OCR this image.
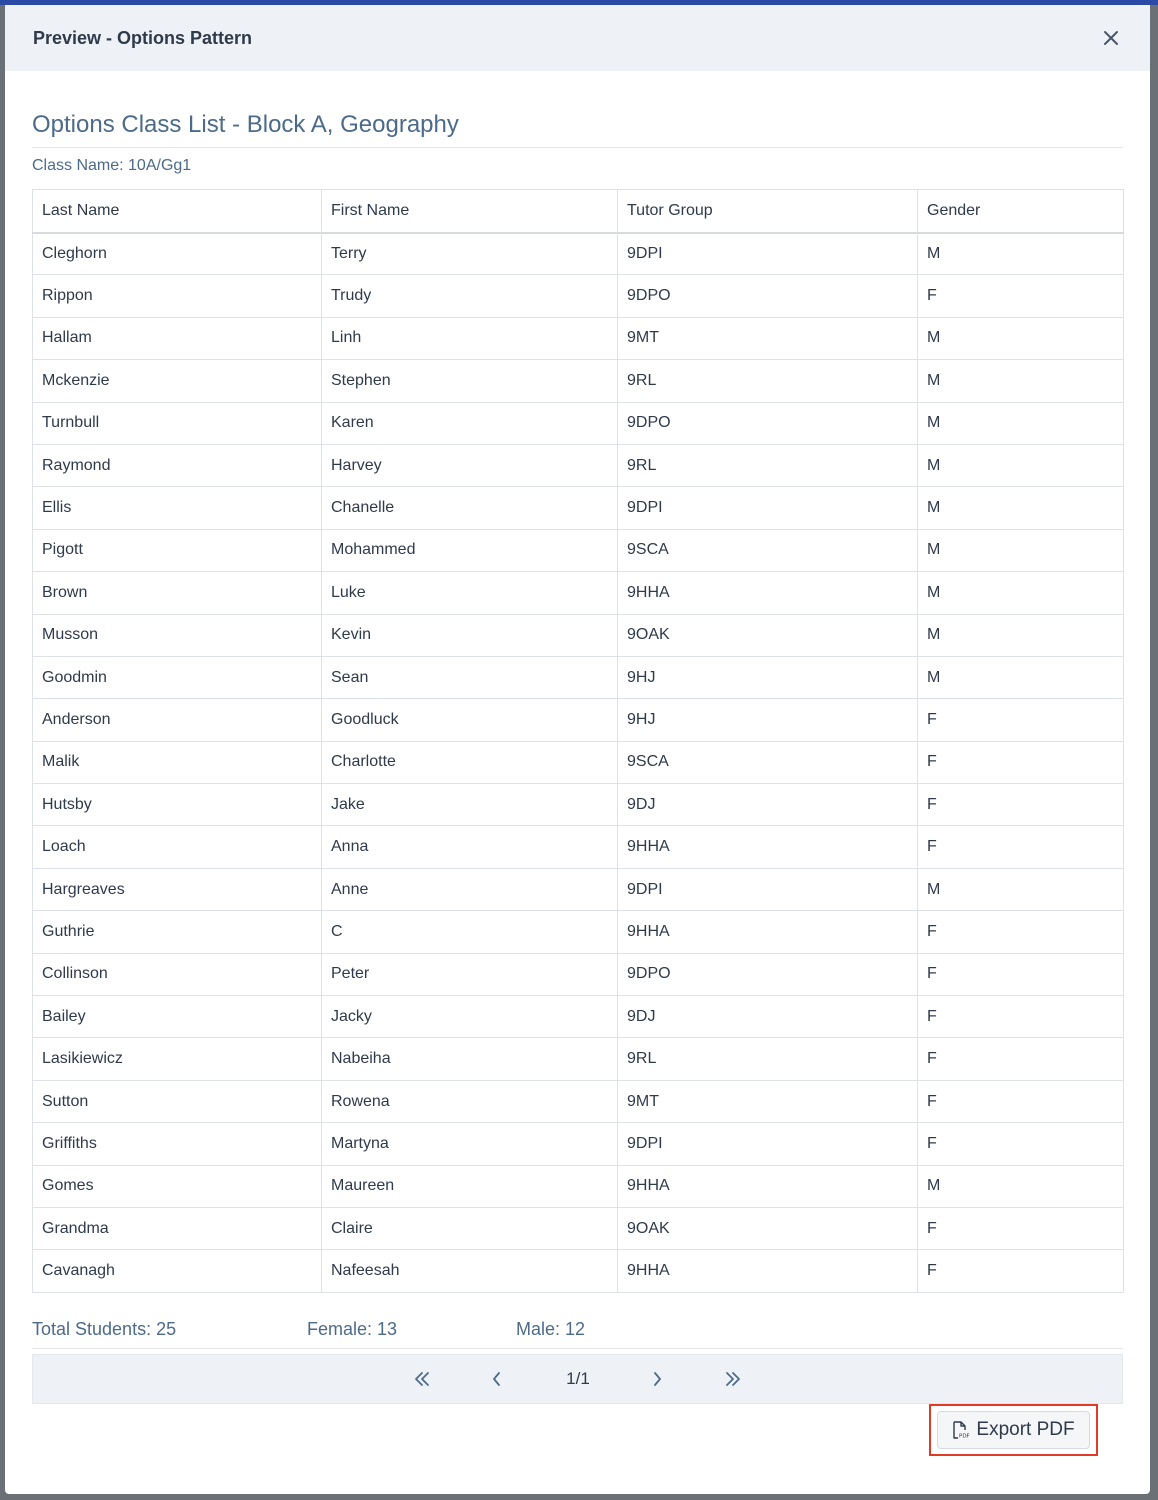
Preview - Options Pattern
Options Class List - Block A, Geography
Class Name: 10A/Gg1
Last Name	First Name	Tutor Group	Gender
Cleghorn	Terry	9DPI	M
Rippon	Trudy	9DPO	F
Hallam	Linh	9MT	M
Mckenzie	Stephen	9RL	M
Turnbull	Karen	9DPO	M
Raymond	Harvey	9RL	M
Ellis	Chanelle	9DPI	M
Pigott	Mohammed	9SCA	M
Brown	Luke	9HHA	M
Musson	Kevin	9OAK	M
Goodmin	Sean	9HJ	M
Anderson	Goodluck	9HJ	F
Malik	Charlotte	9SCA	F
Hutsby	Jake	9DJ	F
Loach	Anna	9HHA	F
Hargreaves	Anne	9DPI	M
Guthrie	C	9HHA	F
Collinson	Peter	9DPO	F
Bailey	Jacky	9DJ	F
Lasikiewicz	Nabeiha	9RL	F
Sutton	Rowena	9MT	F
Griffiths	Martyna	9DPI	F
Gomes	Maureen	9HHA	M
Grandma	Claire	9OAK	F
Cavanagh	Nafeesah	9HHA	F
Total Students: 25	Female: 13	Male: 12
1/1
PDF Export PDF
